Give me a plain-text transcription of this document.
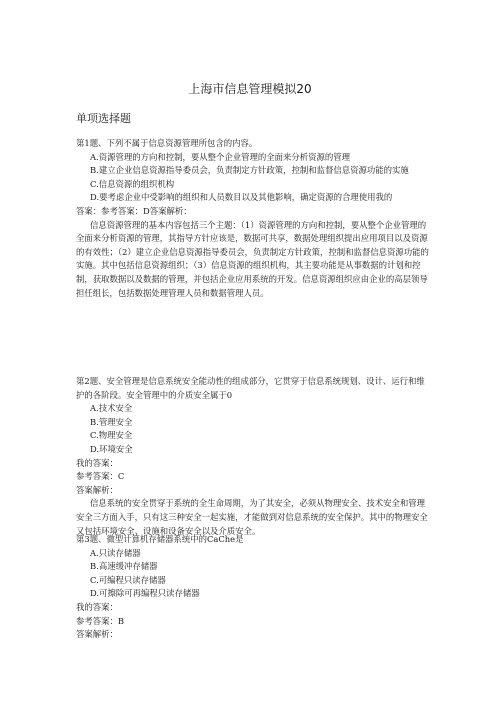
上海市信息管理模拟20
单项选择题
第1题、下列不属于信息资源管理所包含的内容。
A.资源管理的方向和控制，要从整个企业管理的全面来分析资源的管理
B.建立企业信息资源指导委员会，负责制定方针政策，控制和监督信息资源功能的实施
C.信息资源的组织机构
D.要考虑企业中受影响的组织和人员数目以及其他影响，确定资源的合理使用我的
答案：参考答案：D答案解析：
信息资源管理的基本内容包括三个主题：（1）资源管理的方向和控制，要从整个企业管理的全面来分析资源的管理，其指导方针应该是，数据可共享，数据处理组织提出应用项目以及资源的有效性；（2）建立企业信息资源指导委员会，负责制定方针政策，控制和监督信息资源功能的实施。其中包括信息资源组织；（3）信息资源的组织机构，其主要功能是从事数据的计划和控制，获取数据以及数据的管理，并包括企业应用系统的开发。信息资源组织应由企业的高层领导担任组长，包括数据处理管理人员和数据管理人员。
第2题、安全管理是信息系统安全能动性的组成部分，它贯穿于信息系统规划、设计、运行和维护的各阶段。安全管理中的介质安全属于0
A.技术安全
B.管理安全
C.物理安全
D.环境安全
我的答案：
参考答案：C
答案解析：
信息系统的安全贯穿于系统的全生命周期，为了其安全，必须从物理安全、技术安全和管理安全三方面入手，只有这三种安全一起实施，才能做到对信息系统的安全保护。其中的物理安全又包括环境安全、设施和设备安全以及介质安全。
第3题、微型计算机存储器系统中的CaChe是
A.只读存储器
B.高速缓冲存储器
C.可编程只读存储器
D.可擦除可再编程只读存储器
我的答案：
参考答案：B
答案解析：
